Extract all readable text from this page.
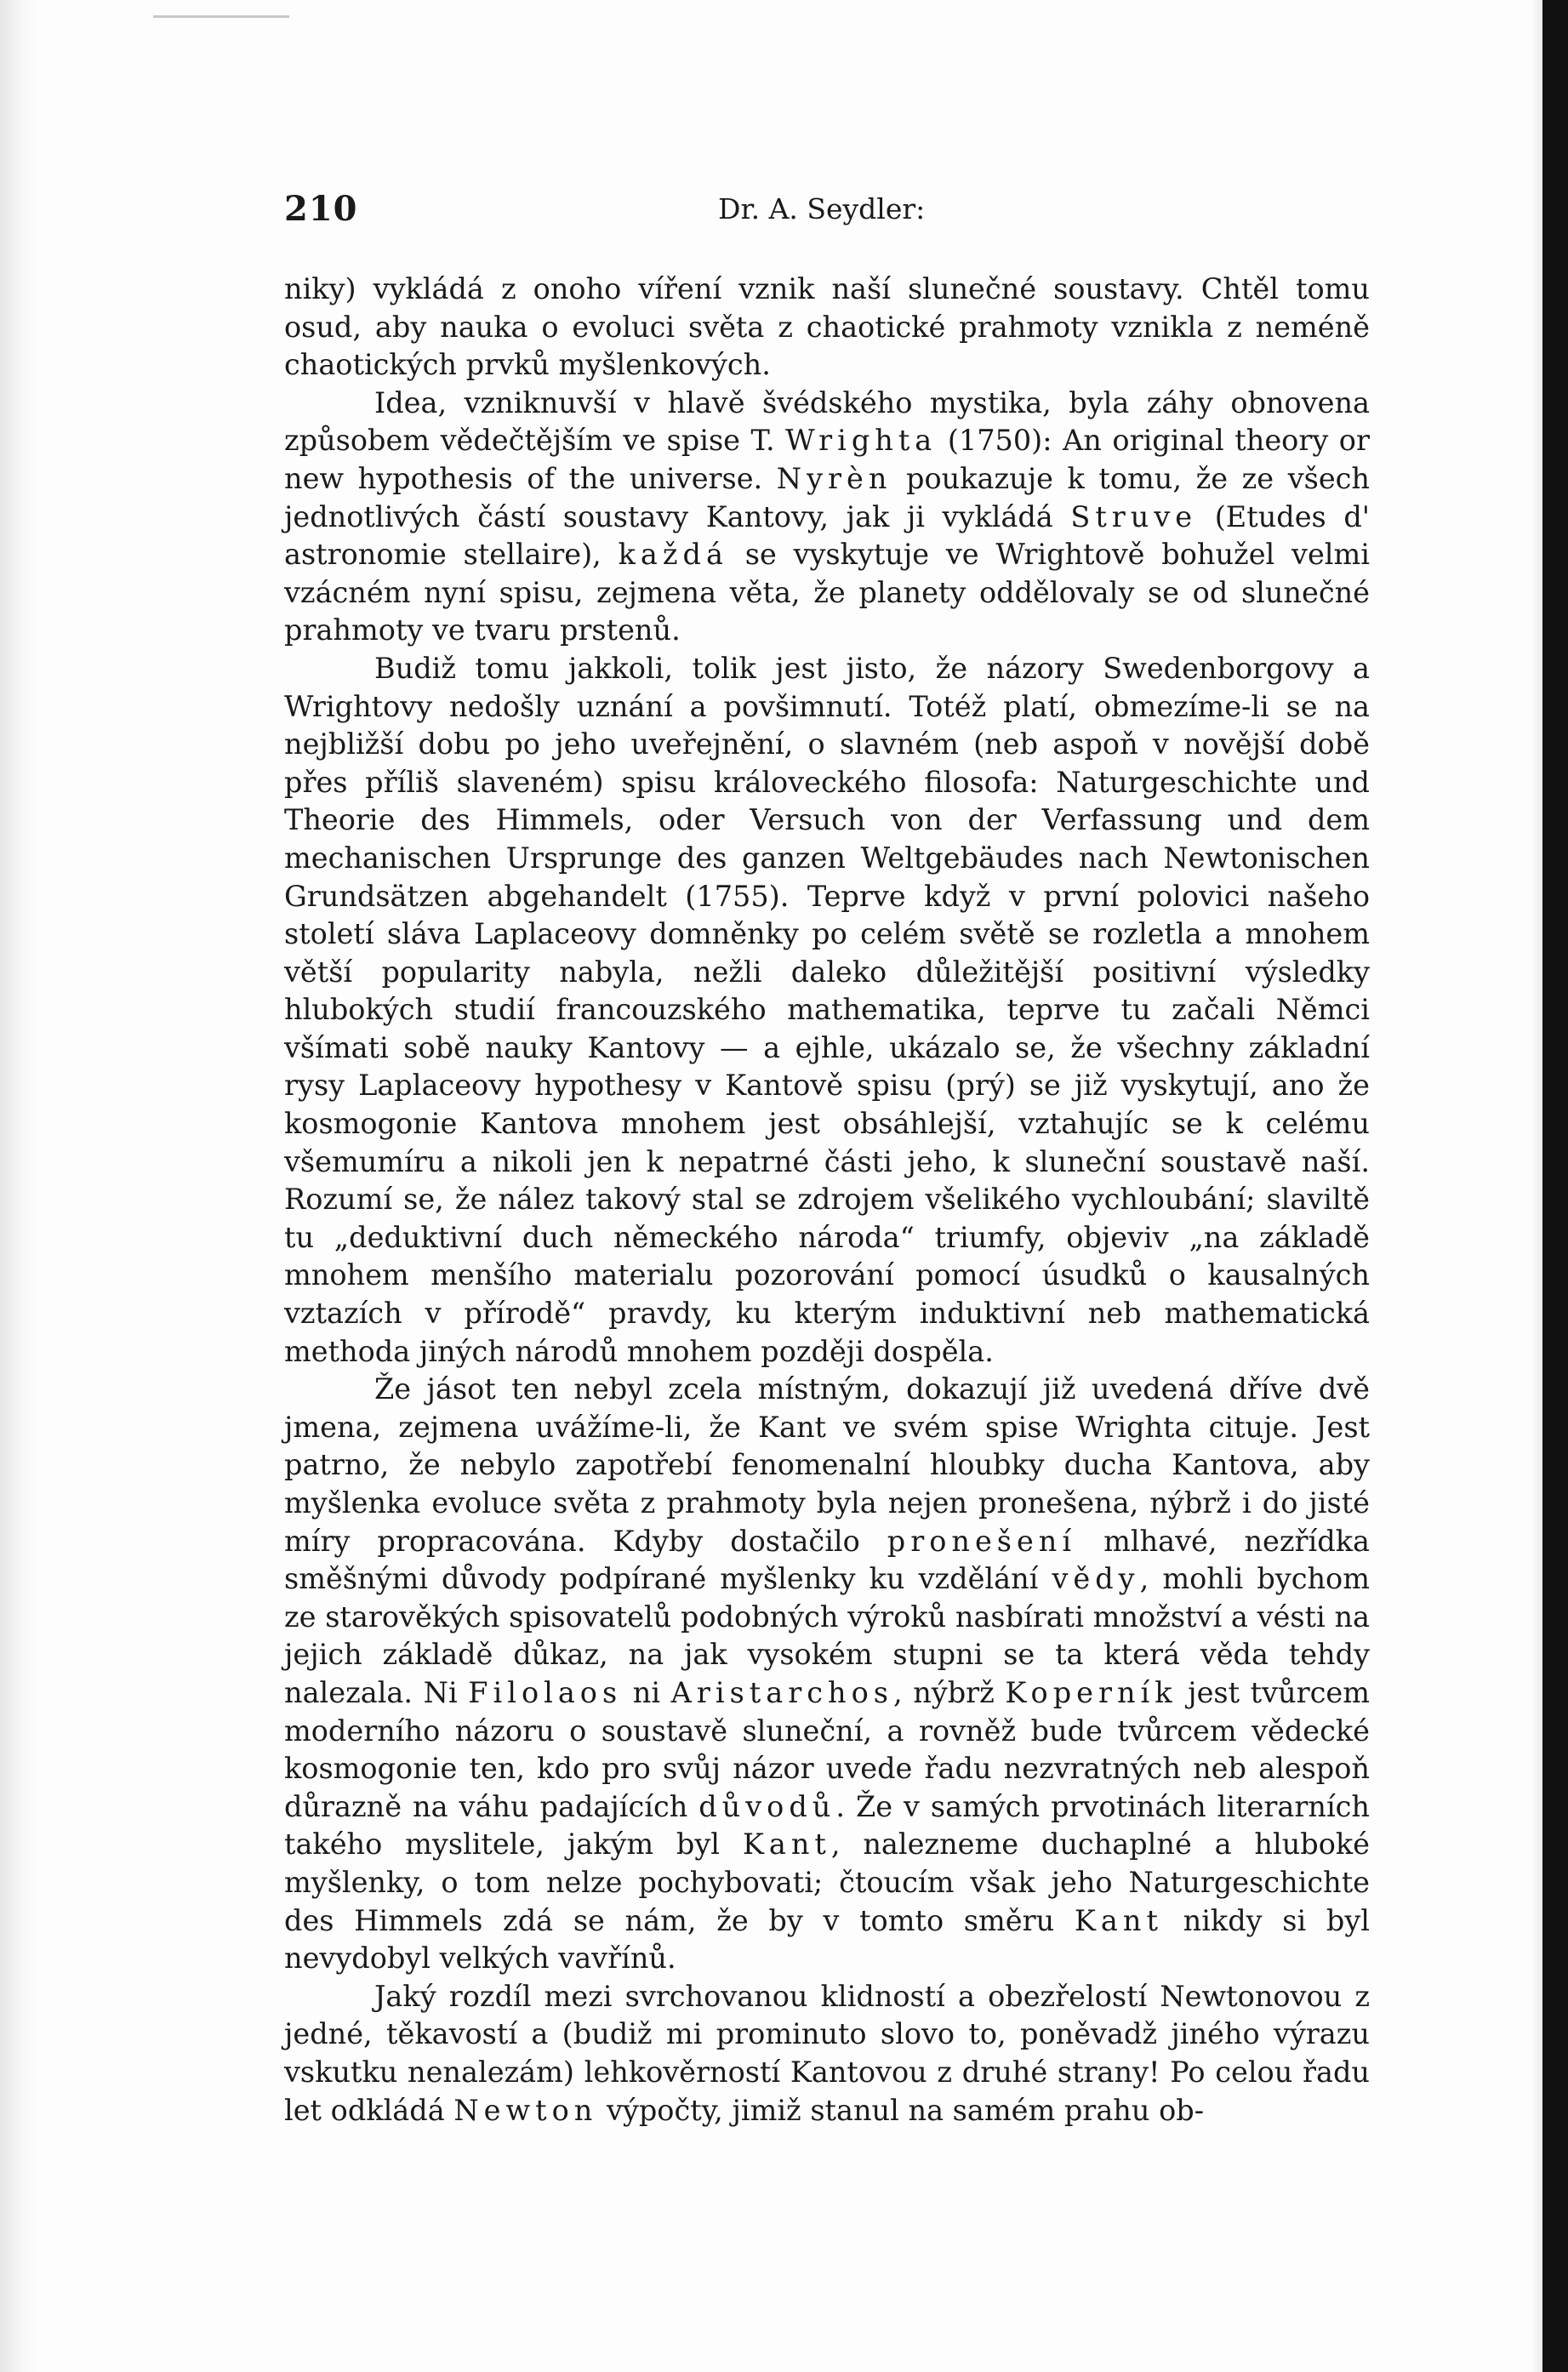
210	Dr. A. Seydler:

niky) vykládá z onoho víření vznik naší slunečné soustavy. Chtěl tomu osud, aby nauka o evoluci světa z chaotické prahmoty vznikla z neméně chaotických prvků myšlenkových.

Idea, vzniknuvší v hlavě švédského mystika, byla záhy obnovena způsobem vědečtějším ve spise T. Wrighta (1750): An original theory or new hypothesis of the universe. Nyrèn poukazuje k tomu, že ze všech jednotlivých částí soustavy Kantovy, jak ji vykládá Struve (Etudes d' astronomie stellaire), každá se vyskytuje ve Wrightově bohužel velmi vzácném nyní spisu, zejmena věta, že planety oddělovaly se od slunečné prahmoty ve tvaru prstenů.

Budiž tomu jakkoli, tolik jest jisto, že názory Swedenborgovy a Wrightovy nedošly uznání a povšimnutí. Totéž platí, obmezíme-li se na nejbližší dobu po jeho uveřejnění, o slavném (neb aspoň v novější době přes příliš slaveném) spisu královeckého filosofa: Naturgeschichte und Theorie des Himmels, oder Versuch von der Verfassung und dem mechanischen Ursprunge des ganzen Weltgebäudes nach Newtonischen Grundsätzen abgehandelt (1755). Teprve když v první polovici našeho století sláva Laplaceovy domněnky po celém světě se rozletla a mnohem větší popularity nabyla, nežli daleko důležitější positivní výsledky hlubokých studií francouzského mathematika, teprve tu začali Němci všímati sobě nauky Kantovy — a ejhle, ukázalo se, že všechny základní rysy Laplaceovy hypothesy v Kantově spisu (prý) se již vyskytují, ano že kosmogonie Kantova mnohem jest obsáhlejší, vztahujíc se k celému všemumíru a nikoli jen k nepatrné části jeho, k sluneční soustavě naší. Rozumí se, že nález takový stal se zdrojem všelikého vychloubání; slaviltě tu „deduktivní duch německého národa“ triumfy, objeviv „na základě mnohem menšího materialu pozorování pomocí úsudků o kausalných vztazích v přírodě“ pravdy, ku kterým induktivní neb mathematická methoda jiných národů mnohem později dospěla.

Že jásot ten nebyl zcela místným, dokazují již uvedená dříve dvě jmena, zejmena uvážíme-li, že Kant ve svém spise Wrighta cituje. Jest patrno, že nebylo zapotřebí fenomenalní hloubky ducha Kantova, aby myšlenka evoluce světa z prahmoty byla nejen pronešena, nýbrž i do jisté míry propracována. Kdyby dostačilo pronešení mlhavé, nezřídka směšnými důvody podpírané myšlenky ku vzdělání vědy, mohli bychom ze starověkých spisovatelů podobných výroků nasbírati množství a vésti na jejich základě důkaz, na jak vysokém stupni se ta která věda tehdy nalezala. Ni Filolaos ni Aristarchos, nýbrž Koperník jest tvůrcem moderního názoru o soustavě sluneční, a rovněž bude tvůrcem vědecké kosmogonie ten, kdo pro svůj názor uvede řadu nezvratných neb alespoň důrazně na váhu padajících důvodů. Že v samých prvotinách literarních takého myslitele, jakým byl Kant, nalezneme duchaplné a hluboké myšlenky, o tom nelze pochybovati; čtoucím však jeho Naturgeschichte des Himmels zdá se nám, že by v tomto směru Kant nikdy si byl nevydobyl velkých vavřínů.

Jaký rozdíl mezi svrchovanou klidností a obezřelostí Newtonovou z jedné, těkavostí a (budiž mi prominuto slovo to, poněvadž jiného výrazu vskutku nenalezám) lehkověrností Kantovou z druhé strany! Po celou řadu let odkládá Newton výpočty, jimiž stanul na samém prahu ob-
